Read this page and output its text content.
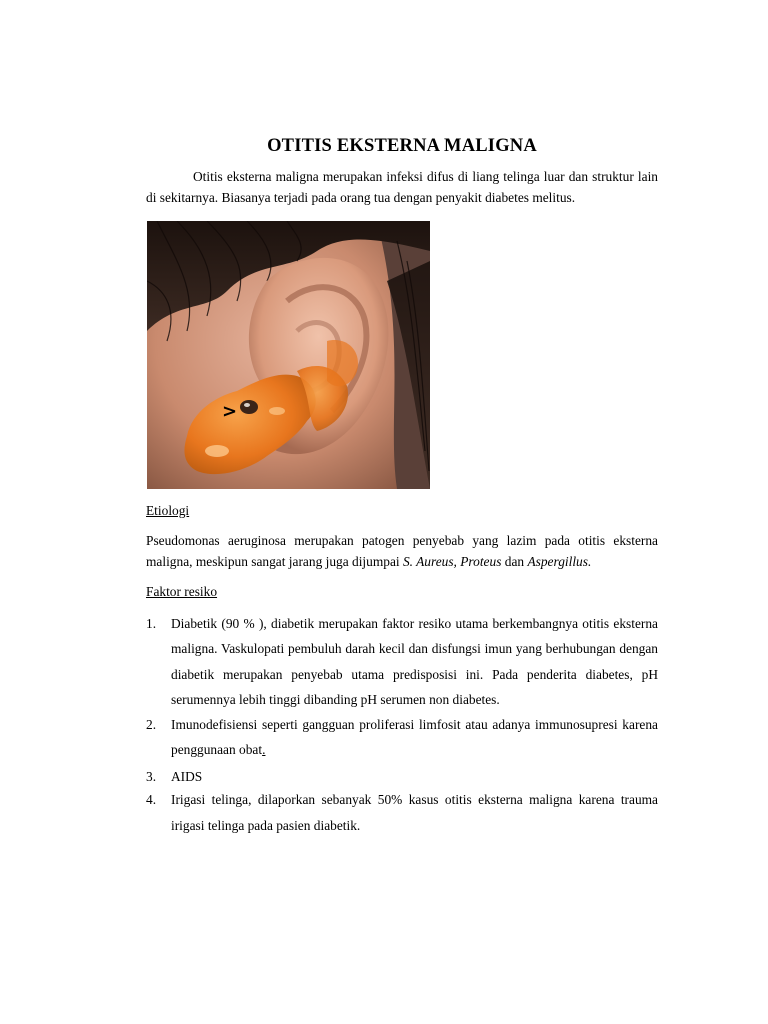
OTITIS EKSTERNA MALIGNA

Otitis eksterna maligna merupakan infeksi difus di liang telinga luar dan struktur lain di sekitarnya. Biasanya terjadi pada orang tua dengan penyakit diabetes melitus.

>

Etiologi

Pseudomonas aeruginosa merupakan patogen penyebab yang lazim pada otitis eksterna maligna, meskipun sangat jarang juga dijumpai S. Aureus, Proteus dan Aspergillus.

Faktor resiko

1. Diabetik (90 % ), diabetik merupakan faktor resiko utama berkembangnya otitis eksterna maligna. Vaskulopati pembuluh darah kecil dan disfungsi imun yang berhubungan dengan diabetik merupakan penyebab utama predisposisi ini. Pada penderita diabetes, pH serumennya lebih tinggi dibanding pH serumen non diabetes.
2. Imunodefisiensi seperti gangguan proliferasi limfosit atau adanya immunosupresi karena penggunaan obat.
3. AIDS
4. Irigasi telinga, dilaporkan sebanyak 50% kasus otitis eksterna maligna karena trauma irigasi telinga pada pasien diabetik.
